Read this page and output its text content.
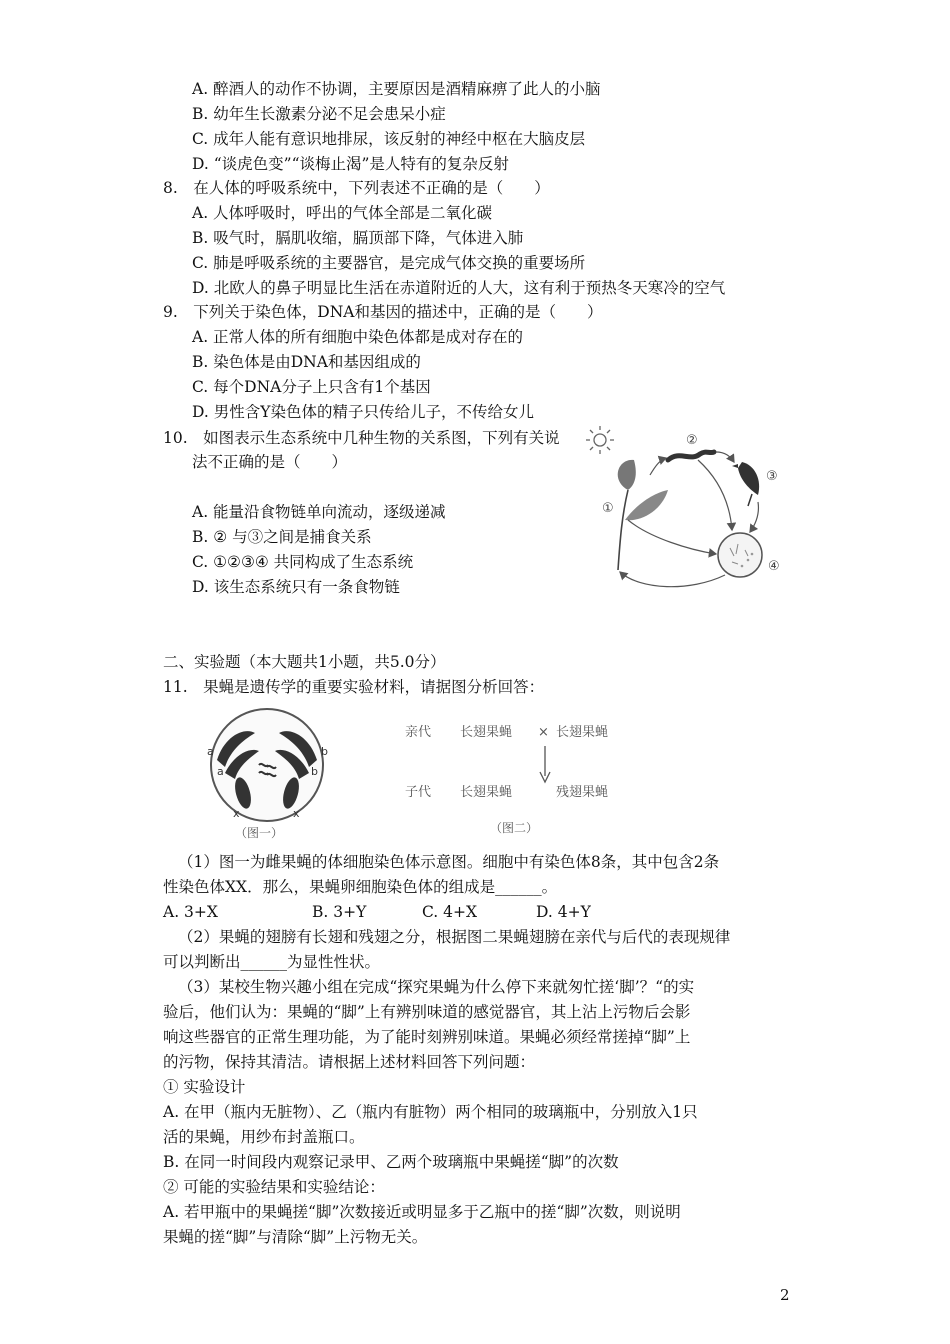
A. 醉酒人的动作不协调，主要原因是酒精麻痹了此人的小脑
B. 幼年生长激素分泌不足会患呆小症
C. 成年人能有意识地排尿，该反射的神经中枢在大脑皮层
D. “谈虎色变”“谈梅止渴”是人特有的复杂反射
8.　在人体的呼吸系统中，下列表述不正确的是（　　）
A. 人体呼吸时，呼出的气体全部是二氧化碳
B. 吸气时，膈肌收缩，膈顶部下降，气体进入肺
C. 肺是呼吸系统的主要器官，是完成气体交换的重要场所
D. 北欧人的鼻子明显比生活在赤道附近的人大，这有利于预热冬天寒冷的空气
9.　下列关于染色体，DNA和基因的描述中，正确的是（　　）
A. 正常人体的所有细胞中染色体都是成对存在的
B. 染色体是由DNA和基因组成的
C. 每个DNA分子上只含有1个基因
D. 男性含Y染色体的精子只传给儿子，不传给女儿
10.　如图表示生态系统中几种生物的关系图，下列有关说
法不正确的是（　　）
A. 能量沿食物链单向流动，逐级递减
B. ② 与③之间是捕食关系
C. ①②③④ 共同构成了生态系统
D. 该生态系统只有一条食物链
①
②
③
④
二、实验题（本大题共1小题，共5.0分）
11.　果蝇是遗传学的重要实验材料，请据图分析回答：
a	b
a	b
x	x
（图一）
亲代 长翅果蝇 × 长翅果蝇
子代 长翅果蝇	残翅果蝇
（图二）
（1）图一为雌果蝇的体细胞染色体示意图。细胞中有染色体8条，其中包含2条
性染色体XX．那么，果蝇卵细胞染色体的组成是______。
A. 3+X	B. 3+Y	C. 4+X	D. 4+Y
（2）果蝇的翅膀有长翅和残翅之分，根据图二果蝇翅膀在亲代与后代的表现规律
可以判断出______为显性性状。
（3）某校生物兴趣小组在完成“探究果蝇为什么停下来就匆忙搓‘脚’？“的实
验后，他们认为：果蝇的“脚”上有辨别味道的感觉器官，其上沾上污物后会影
响这些器官的正常生理功能，为了能时刻辨别味道。果蝇必须经常搓掉“脚”上
的污物，保持其清洁。请根据上述材料回答下列问题：
① 实验设计
A. 在甲（瓶内无脏物）、乙（瓶内有脏物）两个相同的玻璃瓶中，分别放入1只
活的果蝇，用纱布封盖瓶口。
B. 在同一时间段内观察记录甲、乙两个玻璃瓶中果蝇搓“脚”的次数
② 可能的实验结果和实验结论：
A. 若甲瓶中的果蝇搓“脚”次数接近或明显多于乙瓶中的搓“脚”次数，则说明
果蝇的搓“脚”与清除“脚”上污物无关。
2
